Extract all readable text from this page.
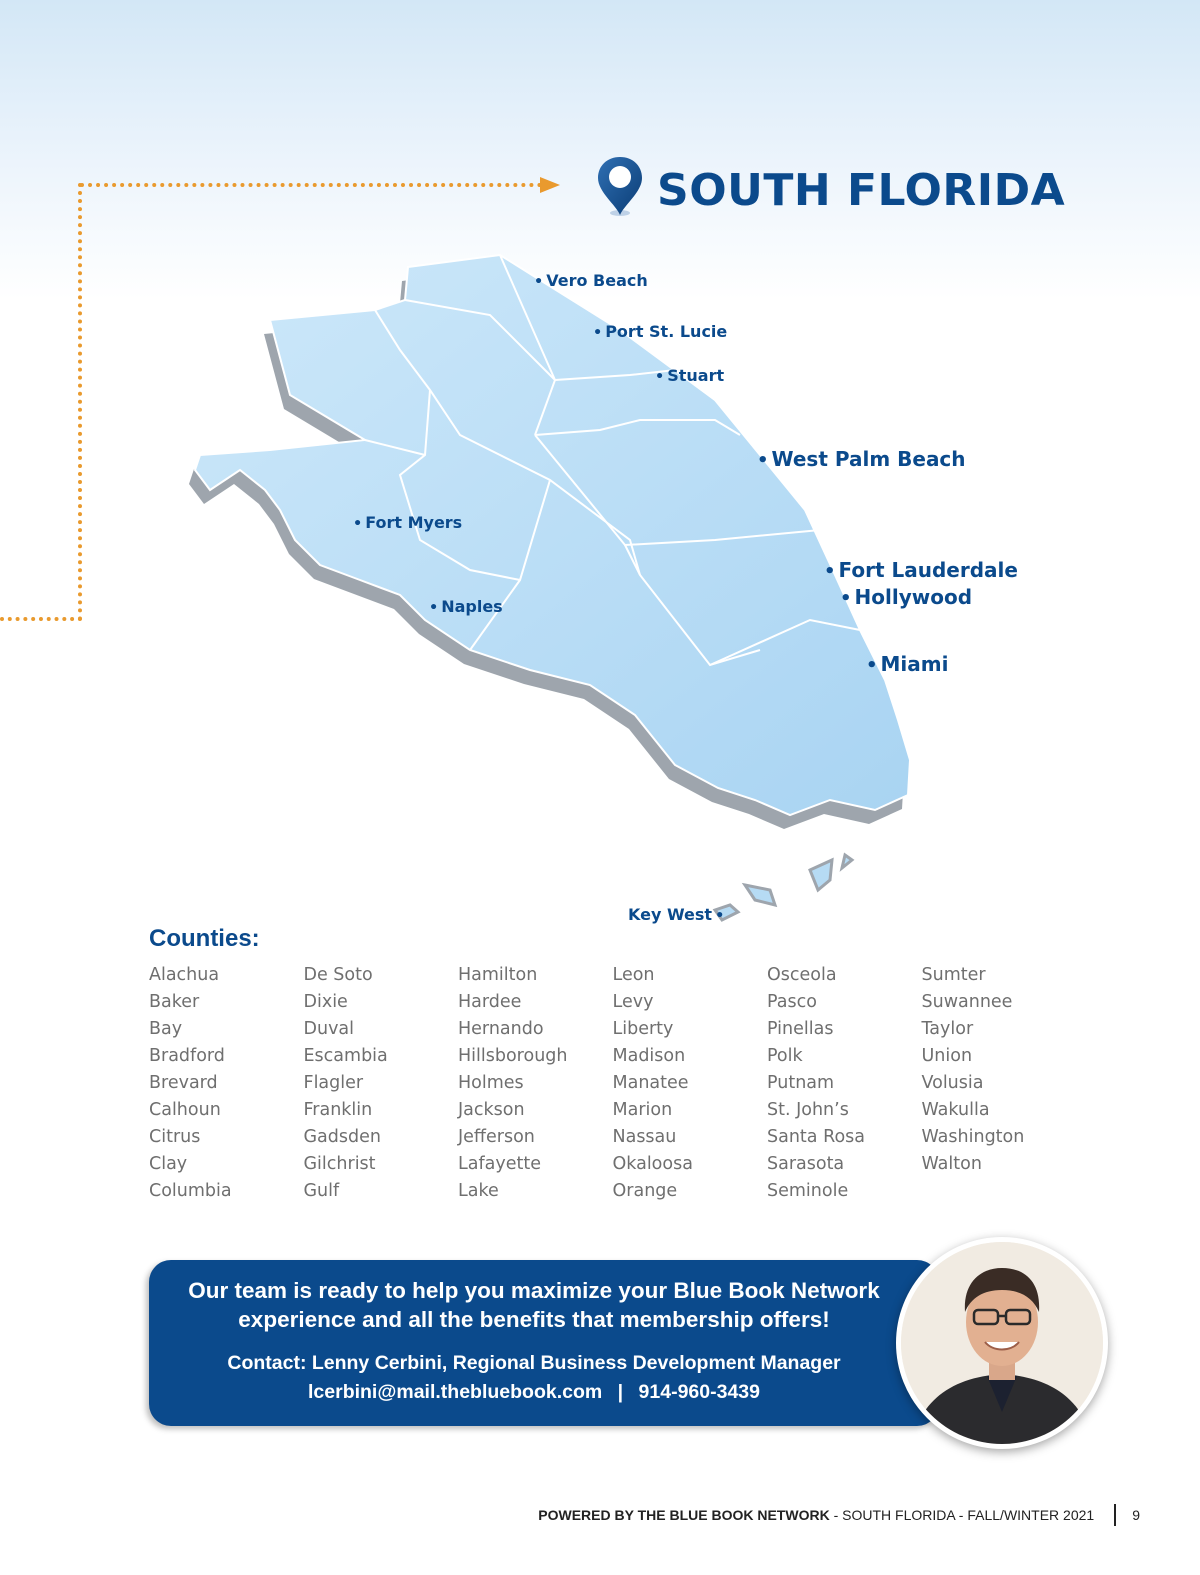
SOUTH FLORIDA
• Vero Beach
• Port St. Lucie
• Stuart
• West Palm Beach
• Fort Myers
• Naples
• Fort Lauderdale
• Hollywood
• Miami
Key West •
Counties:
Alachua
Baker
Bay
Bradford
Brevard
Calhoun
Citrus
Clay
Columbia
De Soto
Dixie
Duval
Escambia
Flagler
Franklin
Gadsden
Gilchrist
Gulf
Hamilton
Hardee
Hernando
Hillsborough
Holmes
Jackson
Jefferson
Lafayette
Lake
Leon
Levy
Liberty
Madison
Manatee
Marion
Nassau
Okaloosa
Orange
Osceola
Pasco
Pinellas
Polk
Putnam
St. John’s
Santa Rosa
Sarasota
Seminole
Sumter
Suwannee
Taylor
Union
Volusia
Wakulla
Washington
Walton
Our team is ready to help you maximize your Blue Book Network
experience and all the benefits that membership offers!
Contact: Lenny Cerbini, Regional Business Development Manager
lcerbini@mail.thebluebook.com | 914-960-3439
POWERED BY THE BLUE BOOK NETWORK - SOUTH FLORIDA - FALL/WINTER 2021	9
